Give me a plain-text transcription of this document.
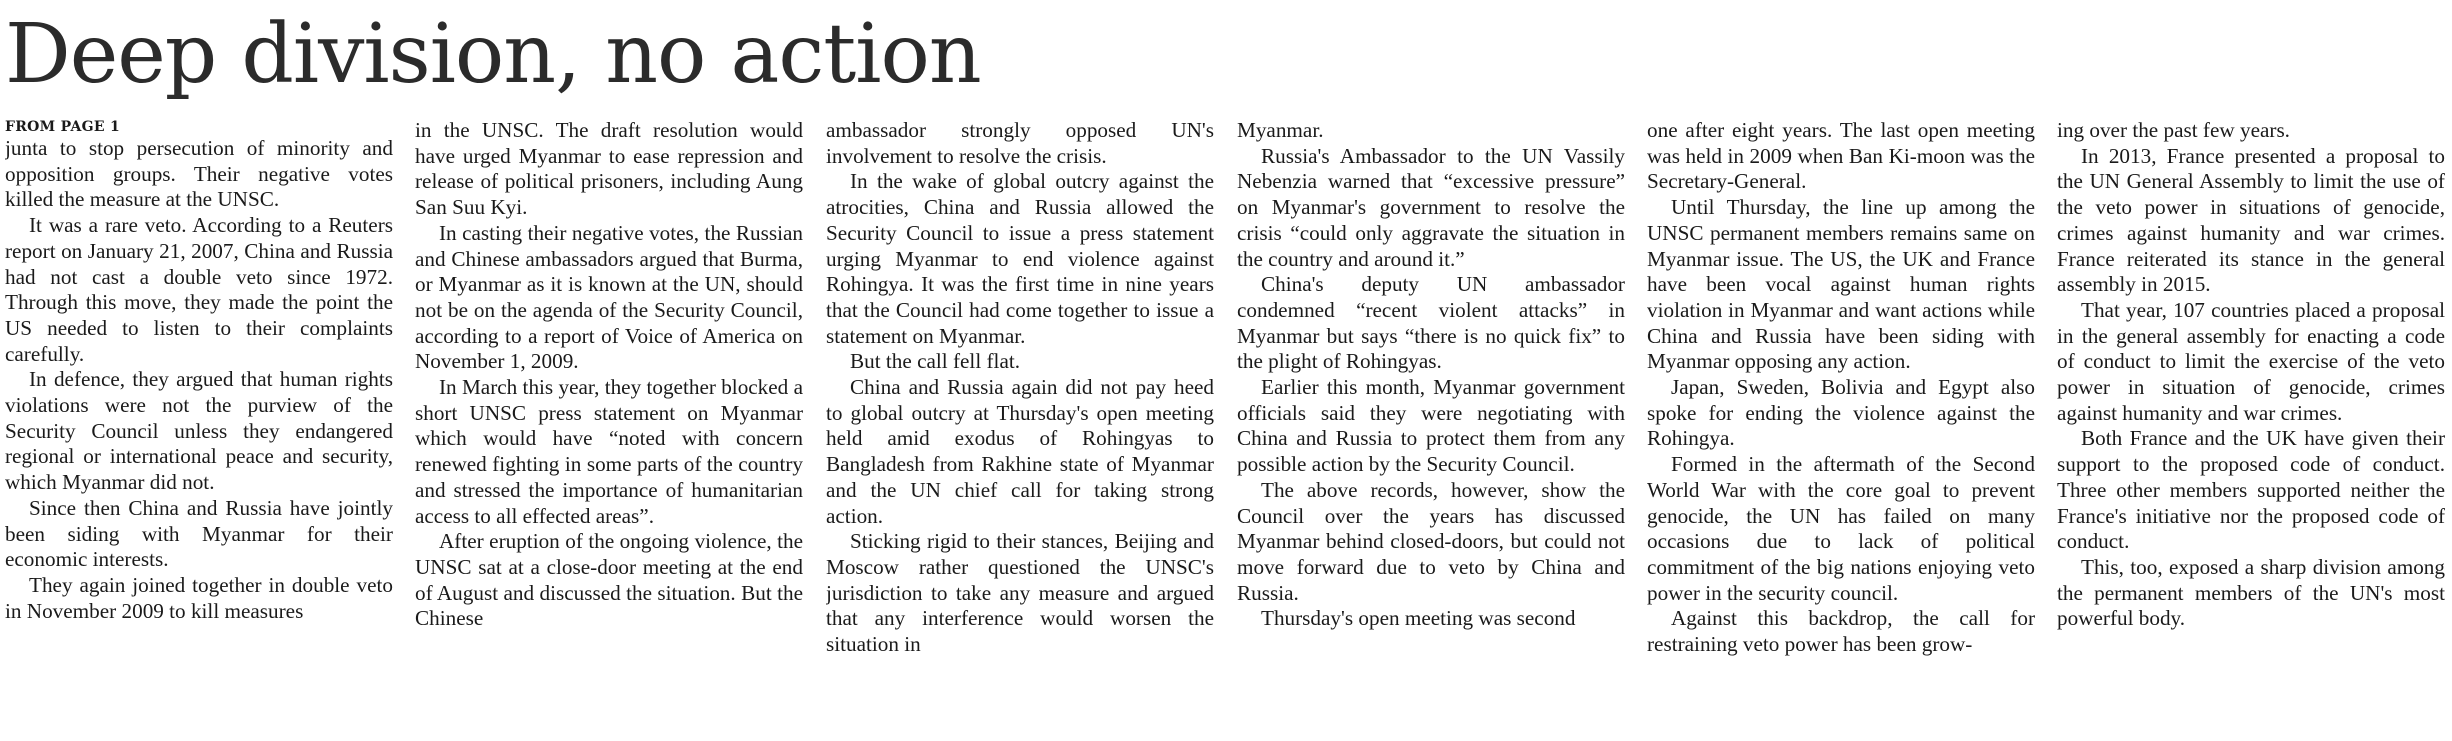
Deep division, no action
FROM PAGE 1

junta to stop persecution of minority and opposition groups. Their negative votes killed the measure at the UNSC.

It was a rare veto. According to a Reuters report on January 21, 2007, China and Russia had not cast a double veto since 1972. Through this move, they made the point the US needed to listen to their complaints carefully.

In defence, they argued that human rights violations were not the purview of the Security Council unless they endangered regional or international peace and security, which Myanmar did not.

Since then China and Russia have jointly been siding with Myanmar for their economic interests.

They again joined together in double veto in November 2009 to kill measures

in the UNSC. The draft resolution would have urged Myanmar to ease repression and release of political prisoners, including Aung San Suu Kyi.

In casting their negative votes, the Russian and Chinese ambassadors argued that Burma, or Myanmar as it is known at the UN, should not be on the agenda of the Security Council, according to a report of Voice of America on November 1, 2009.

In March this year, they together blocked a short UNSC press statement on Myanmar which would have “noted with concern renewed fighting in some parts of the country and stressed the importance of humanitarian access to all effected areas”.

After eruption of the ongoing violence, the UNSC sat at a close-door meeting at the end of August and discussed the situation. But the Chinese

ambassador strongly opposed UN's involvement to resolve the crisis.

In the wake of global outcry against the atrocities, China and Russia allowed the Security Council to issue a press statement urging Myanmar to end violence against Rohingya. It was the first time in nine years that the Council had come together to issue a statement on Myanmar.

But the call fell flat.

China and Russia again did not pay heed to global outcry at Thursday's open meeting held amid exodus of Rohingyas to Bangladesh from Rakhine state of Myanmar and the UN chief call for taking strong action.

Sticking rigid to their stances, Beijing and Moscow rather questioned the UNSC's jurisdiction to take any measure and argued that any interference would worsen the situation in

Myanmar.

Russia's Ambassador to the UN Vassily Nebenzia warned that “excessive pressure” on Myanmar's government to resolve the crisis “could only aggravate the situation in the country and around it.”

China's deputy UN ambassador condemned “recent violent attacks” in Myanmar but says “there is no quick fix” to the plight of Rohingyas.

Earlier this month, Myanmar government officials said they were negotiating with China and Russia to protect them from any possible action by the Security Council.

The above records, however, show the Council over the years has discussed Myanmar behind closed-doors, but could not move forward due to veto by China and Russia.

Thursday's open meeting was second

one after eight years. The last open meeting was held in 2009 when Ban Ki-moon was the Secretary-General.

Until Thursday, the line up among the UNSC permanent members remains same on Myanmar issue. The US, the UK and France have been vocal against human rights violation in Myanmar and want actions while China and Russia have been siding with Myanmar opposing any action.

Japan, Sweden, Bolivia and Egypt also spoke for ending the violence against the Rohingya.

Formed in the aftermath of the Second World War with the core goal to prevent genocide, the UN has failed on many occasions due to lack of political commitment of the big nations enjoying veto power in the security council.

Against this backdrop, the call for restraining veto power has been grow-

ing over the past few years.

In 2013, France presented a proposal to the UN General Assembly to limit the use of the veto power in situations of genocide, crimes against humanity and war crimes. France reiterated its stance in the general assembly in 2015.

That year, 107 countries placed a proposal in the general assembly for enacting a code of conduct to limit the exercise of the veto power in situation of genocide, crimes against humanity and war crimes.

Both France and the UK have given their support to the proposed code of conduct. Three other members supported neither the France's initiative nor the proposed code of conduct.

This, too, exposed a sharp division among the permanent members of the UN's most powerful body.
